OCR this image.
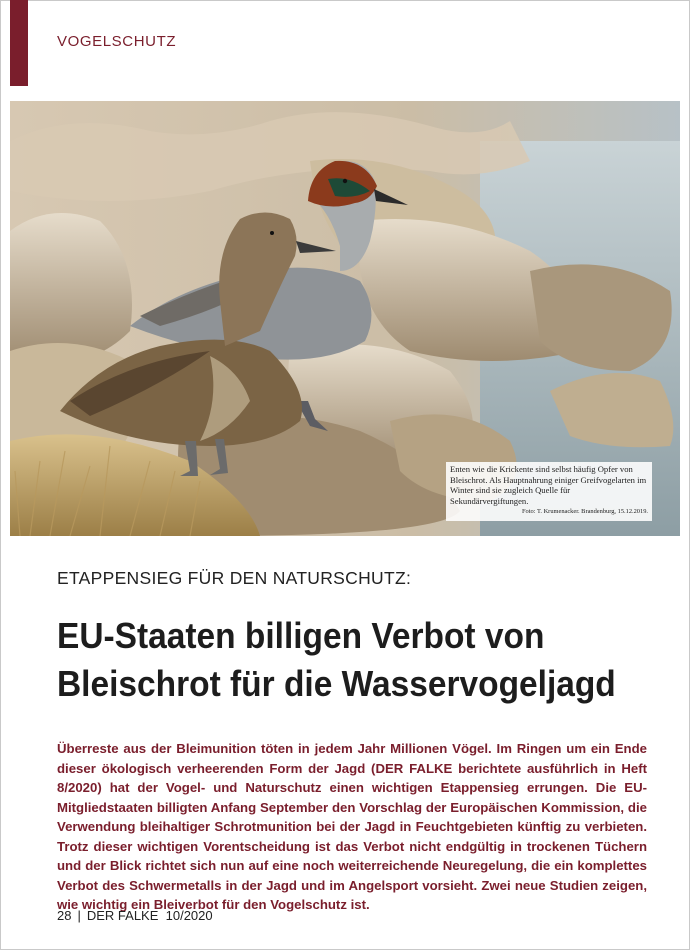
VOGELSCHUTZ
Enten wie die Krickente sind selbst häufig Opfer von Bleischrot. Als Hauptnahrung einiger Greifvogelarten im Winter sind sie zugleich Quelle für Sekundärvergiftungen.
Foto: T. Krumenacker. Brandenburg, 15.12.2019.
ETAPPENSIEG FÜR DEN NATURSCHUTZ:
EU-Staaten billigen Verbot von Bleischrot für die Wasservogeljagd
Überreste aus der Bleimunition töten in jedem Jahr Millionen Vögel. Im Ringen um ein Ende dieser ökologisch verheerenden Form der Jagd (DER FALKE berichtete ausführlich in Heft 8/2020) hat der Vogel- und Naturschutz einen wichtigen Etappensieg errungen. Die EU-Mitgliedstaaten billigten Anfang September den Vorschlag der Europäischen Kommission, die Verwendung bleihaltiger Schrotmunition bei der Jagd in Feuchtgebieten künftig zu verbieten. Trotz dieser wichtigen Vorentscheidung ist das Verbot nicht endgültig in trockenen Tüchern und der Blick richtet sich nun auf eine noch weiterreichende Neuregelung, die ein komplettes Verbot des Schwermetalls in der Jagd und im Angelsport vorsieht. Zwei neue Studien zeigen, wie wichtig ein Bleiverbot für den Vogelschutz ist.
28 | DER FALKE 10/2020
